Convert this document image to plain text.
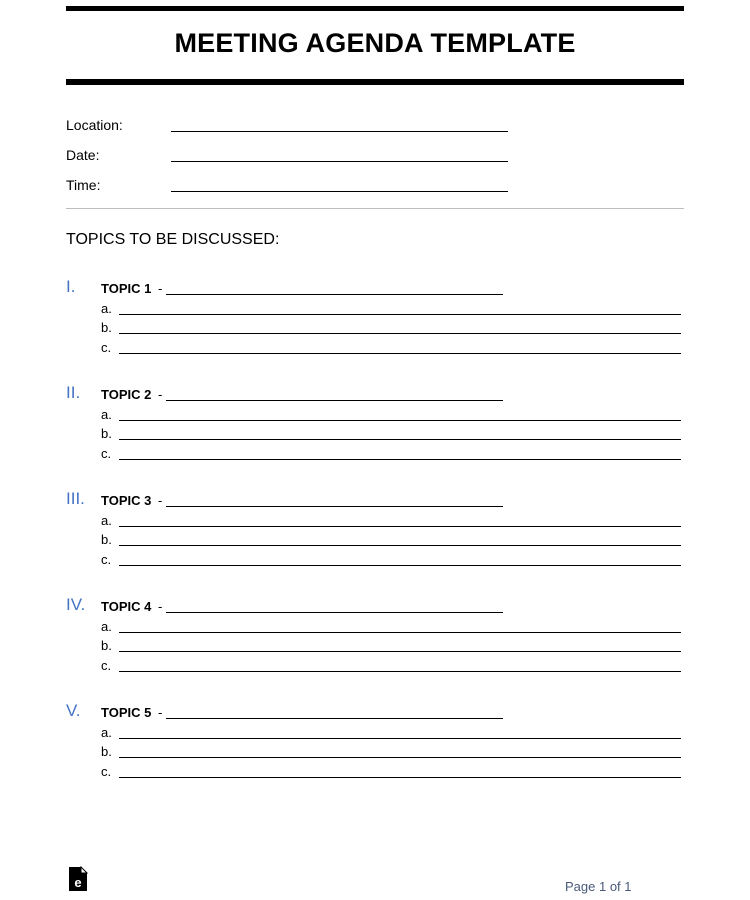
MEETING AGENDA TEMPLATE
Location:
Date:
Time:
TOPICS TO BE DISCUSSED:
I. TOPIC 1 -
a.
b.
c.
II. TOPIC 2 -
a.
b.
c.
III. TOPIC 3 -
a.
b.
c.
IV. TOPIC 4 -
a.
b.
c.
V. TOPIC 5 -
a.
b.
c.
e	Page 1 of 1
